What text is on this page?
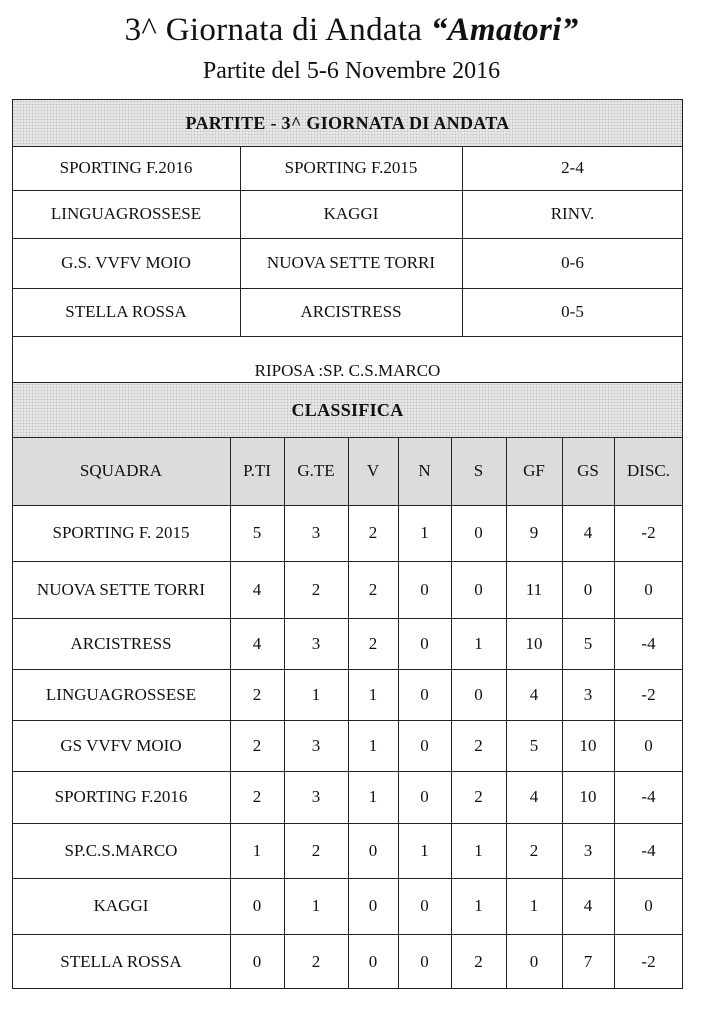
3^ Giornata di Andata “Amatori”
Partite del 5-6 Novembre 2016
PARTITE - 3^ GIORNATA DI ANDATA
SPORTING F.2016	SPORTING F.2015	2-4
LINGUAGROSSESE	KAGGI	RINV.
G.S. VVFV MOIO	NUOVA SETTE TORRI	0-6
STELLA ROSSA	ARCISTRESS	0-5
RIPOSA :SP. C.S.MARCO
CLASSIFICA
SQUADRA	P.TI	G.TE	V	N	S	GF	GS	DISC.
SPORTING F. 2015	5	3	2	1	0	9	4	-2
NUOVA SETTE TORRI	4	2	2	0	0	11	0	0
ARCISTRESS	4	3	2	0	1	10	5	-4
LINGUAGROSSESE	2	1	1	0	0	4	3	-2
GS VVFV MOIO	2	3	1	0	2	5	10	0
SPORTING F.2016	2	3	1	0	2	4	10	-4
SP.C.S.MARCO	1	2	0	1	1	2	3	-4
KAGGI	0	1	0	0	1	1	4	0
STELLA ROSSA	0	2	0	0	2	0	7	-2
